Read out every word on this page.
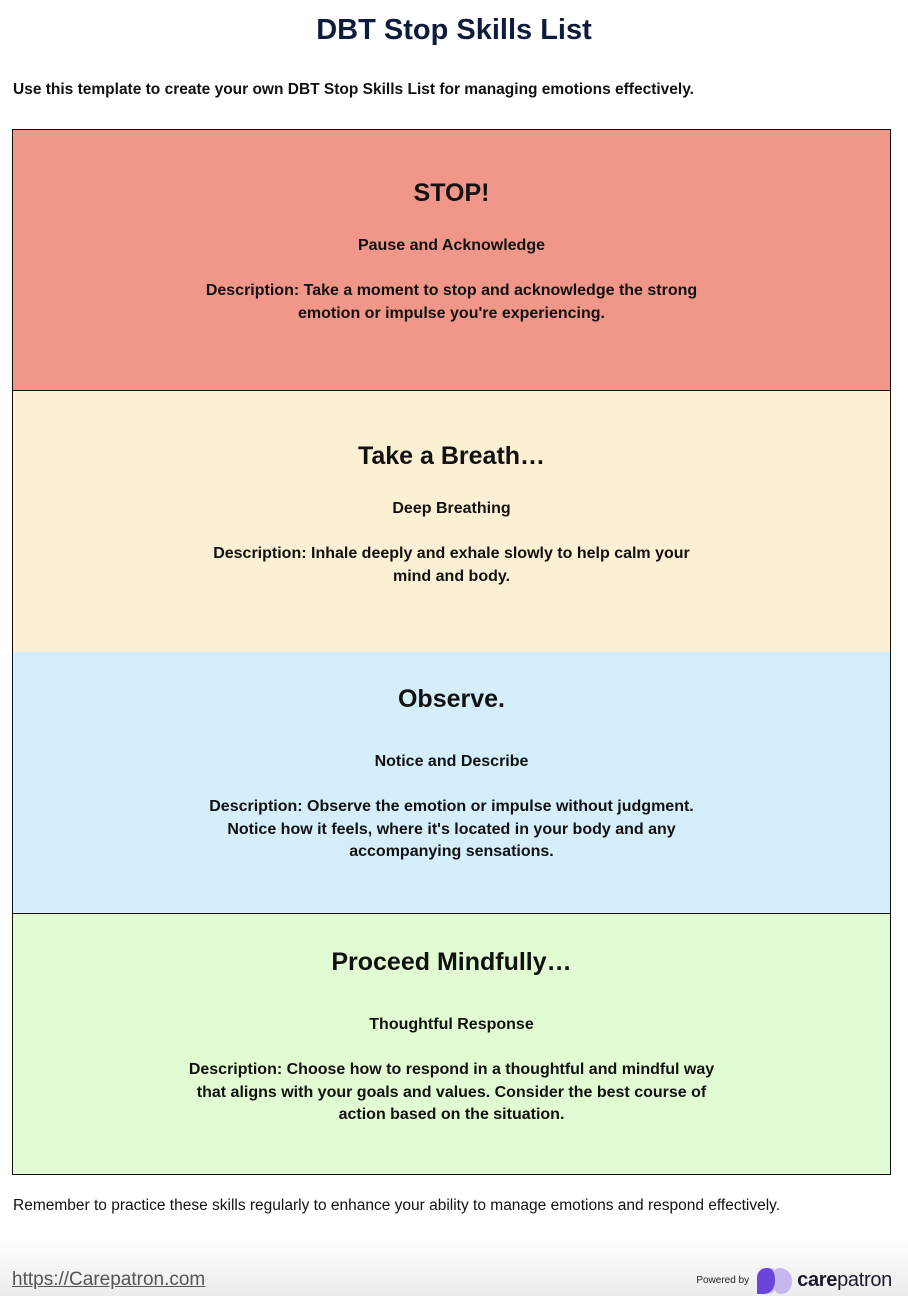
DBT Stop Skills List
Use this template to create your own DBT Stop Skills List for managing emotions effectively.
STOP!
Pause and Acknowledge
Description: Take a moment to stop and acknowledge the strong emotion or impulse you're experiencing.
Take a Breath…
Deep Breathing
Description: Inhale deeply and exhale slowly to help calm your mind and body.
Observe.
Notice and Describe
Description: Observe the emotion or impulse without judgment. Notice how it feels, where it's located in your body and any accompanying sensations.
Proceed Mindfully…
Thoughtful Response
Description: Choose how to respond in a thoughtful and mindful way that aligns with your goals and values. Consider the best course of action based on the situation.
Remember to practice these skills regularly to enhance your ability to manage emotions and respond effectively.
https://Carepatron.com	Powered by carepatron
